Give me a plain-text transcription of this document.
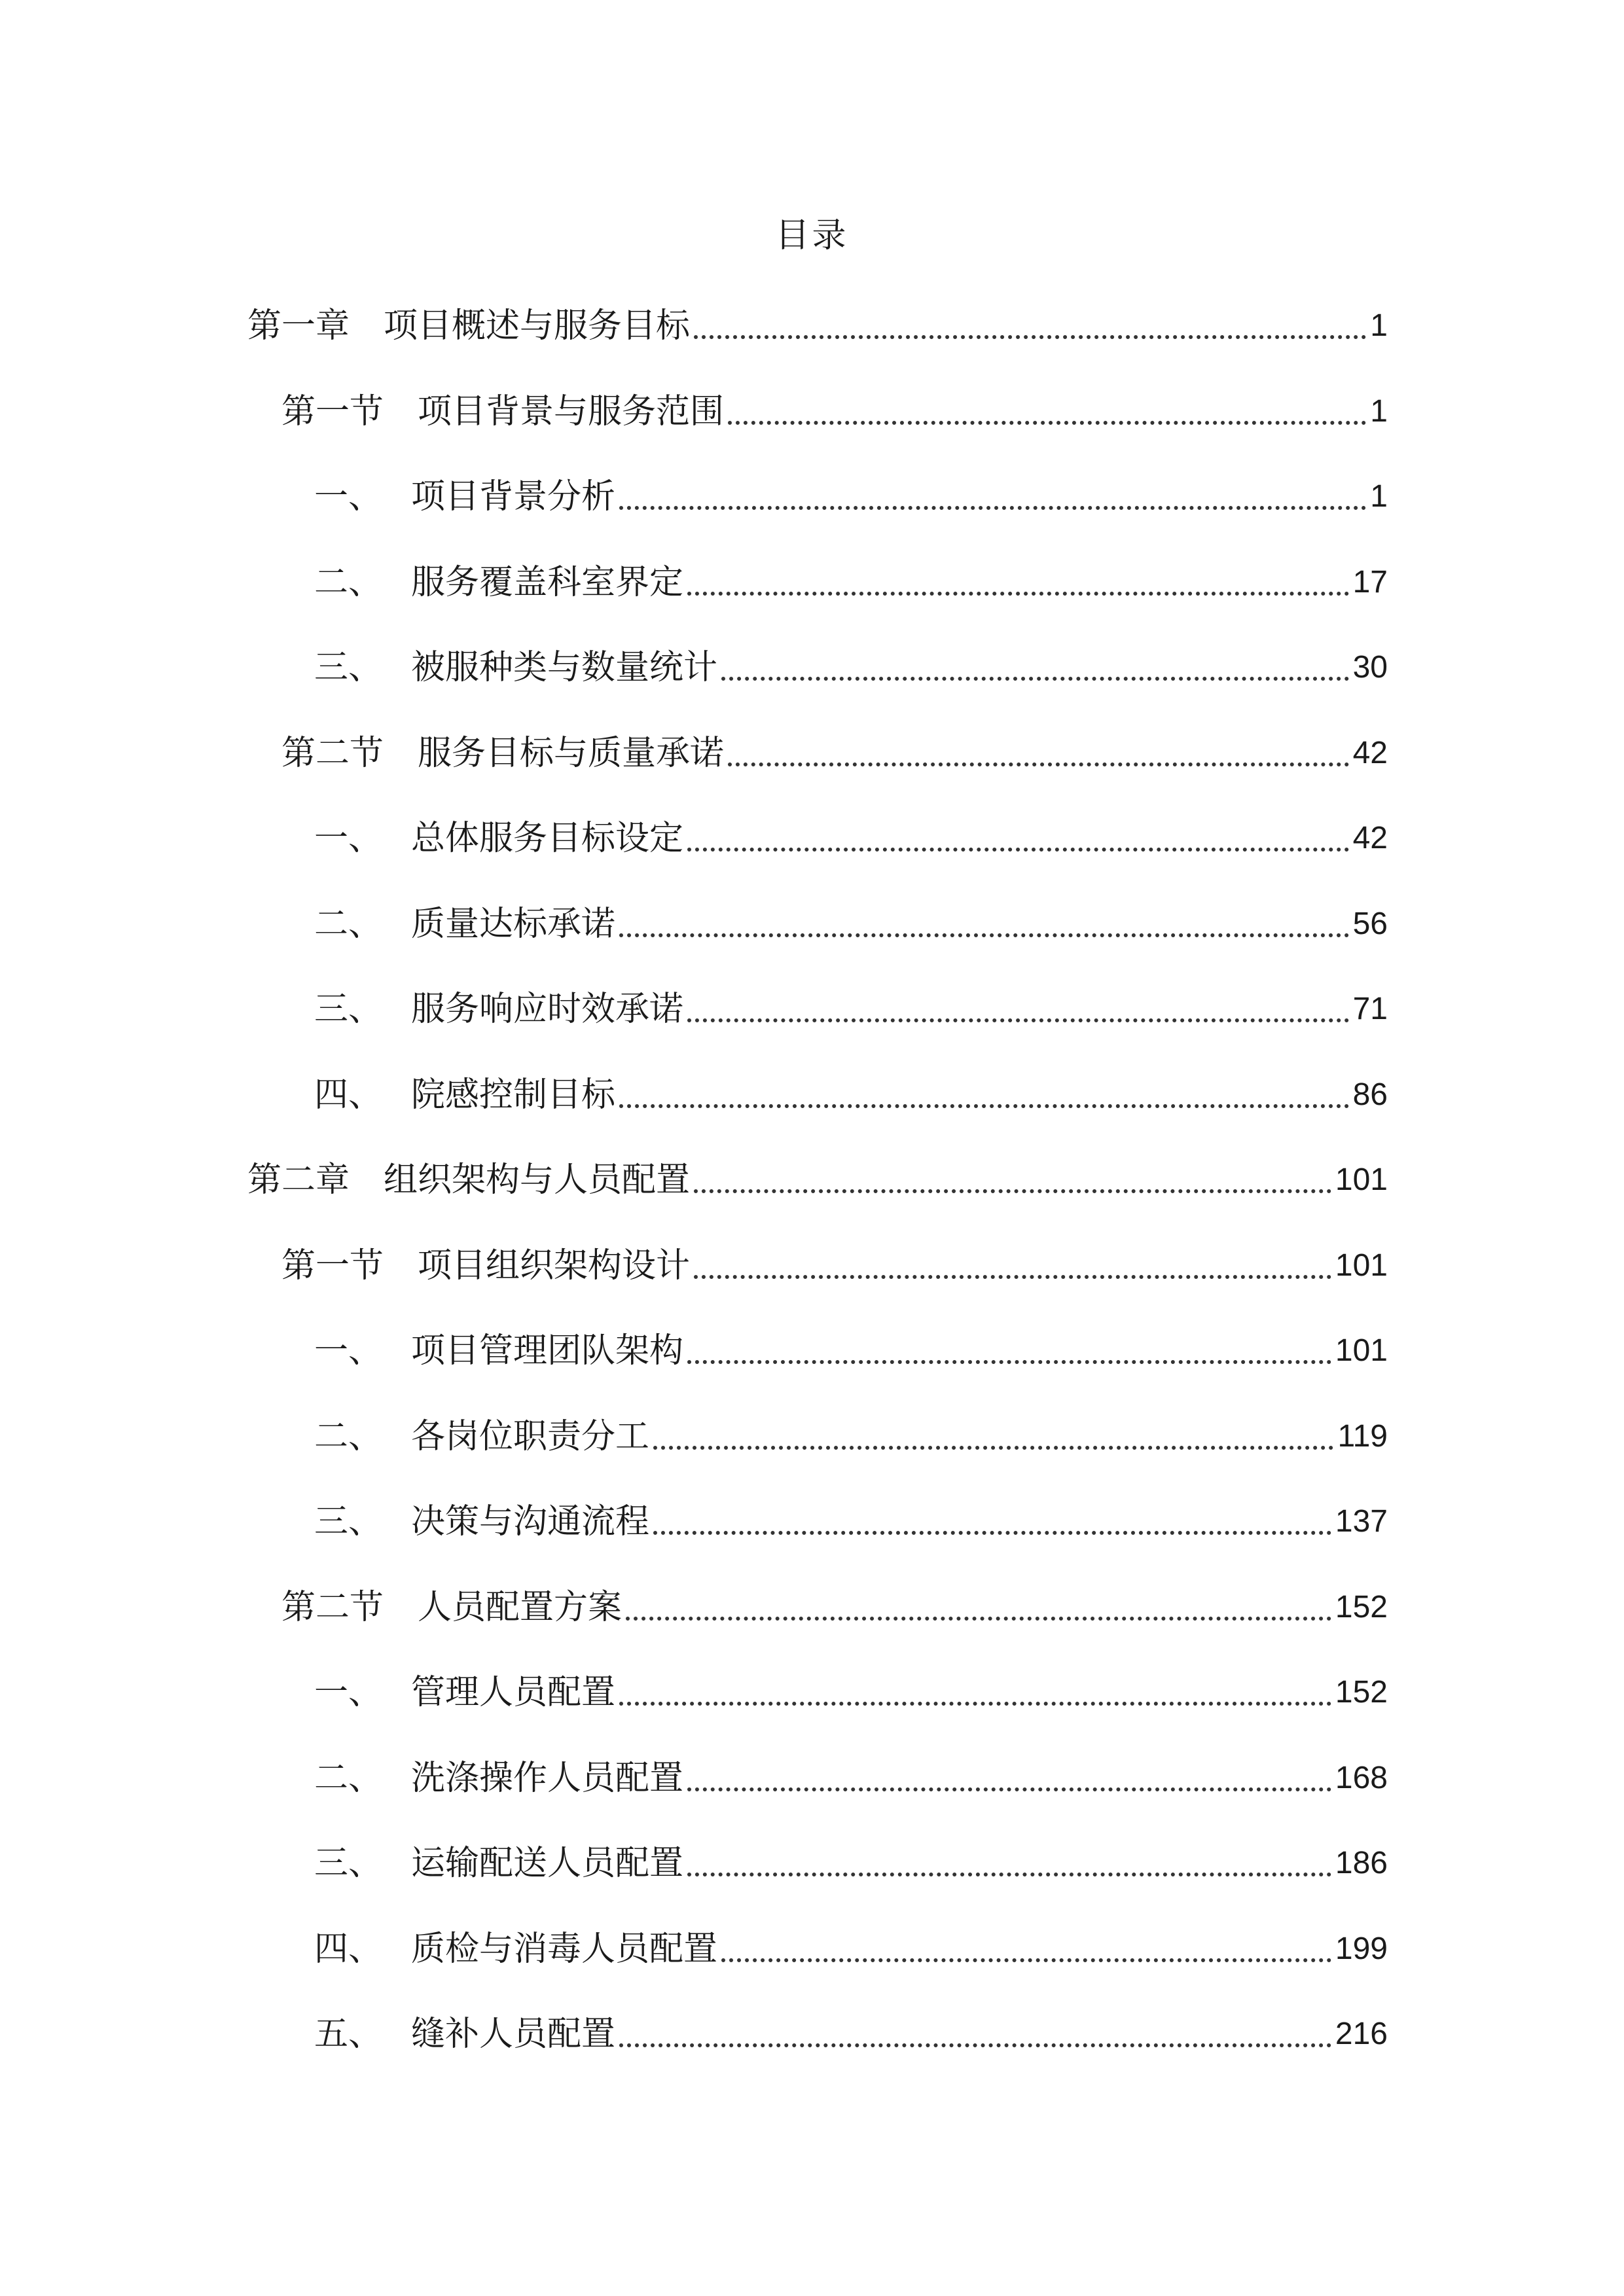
目录
第一章 项目概述与服务目标	1
第一节 项目背景与服务范围	1
一、 项目背景分析	1
二、 服务覆盖科室界定	17
三、 被服种类与数量统计	30
第二节 服务目标与质量承诺	42
一、 总体服务目标设定	42
二、 质量达标承诺	56
三、 服务响应时效承诺	71
四、 院感控制目标	86
第二章 组织架构与人员配置	101
第一节 项目组织架构设计	101
一、 项目管理团队架构	101
二、 各岗位职责分工	119
三、 决策与沟通流程	137
第二节 人员配置方案	152
一、 管理人员配置	152
二、 洗涤操作人员配置	168
三、 运输配送人员配置	186
四、 质检与消毒人员配置	199
五、 缝补人员配置	216
